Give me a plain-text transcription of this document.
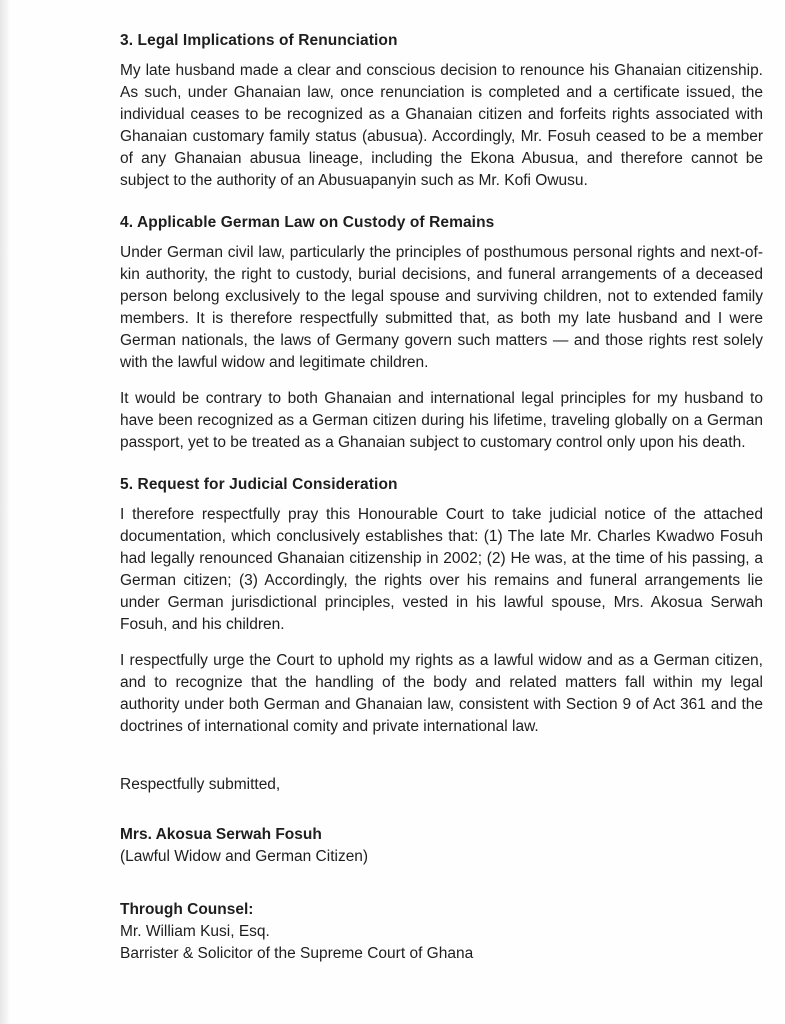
3. Legal Implications of Renunciation

My late husband made a clear and conscious decision to renounce his Ghanaian citizenship. As such, under Ghanaian law, once renunciation is completed and a certificate issued, the individual ceases to be recognized as a Ghanaian citizen and forfeits rights associated with Ghanaian customary family status (abusua). Accordingly, Mr. Fosuh ceased to be a member of any Ghanaian abusua lineage, including the Ekona Abusua, and therefore cannot be subject to the authority of an Abusuapanyin such as Mr. Kofi Owusu.

4. Applicable German Law on Custody of Remains

Under German civil law, particularly the principles of posthumous personal rights and next-of-kin authority, the right to custody, burial decisions, and funeral arrangements of a deceased person belong exclusively to the legal spouse and surviving children, not to extended family members. It is therefore respectfully submitted that, as both my late husband and I were German nationals, the laws of Germany govern such matters — and those rights rest solely with the lawful widow and legitimate children.

It would be contrary to both Ghanaian and international legal principles for my husband to have been recognized as a German citizen during his lifetime, traveling globally on a German passport, yet to be treated as a Ghanaian subject to customary control only upon his death.

5. Request for Judicial Consideration

I therefore respectfully pray this Honourable Court to take judicial notice of the attached documentation, which conclusively establishes that: (1) The late Mr. Charles Kwadwo Fosuh had legally renounced Ghanaian citizenship in 2002; (2) He was, at the time of his passing, a German citizen; (3) Accordingly, the rights over his remains and funeral arrangements lie under German jurisdictional principles, vested in his lawful spouse, Mrs. Akosua Serwah Fosuh, and his children.

I respectfully urge the Court to uphold my rights as a lawful widow and as a German citizen, and to recognize that the handling of the body and related matters fall within my legal authority under both German and Ghanaian law, consistent with Section 9 of Act 361 and the doctrines of international comity and private international law.

Respectfully submitted,

Mrs. Akosua Serwah Fosuh

(Lawful Widow and German Citizen)

Through Counsel:

Mr. William Kusi, Esq.

Barrister & Solicitor of the Supreme Court of Ghana
